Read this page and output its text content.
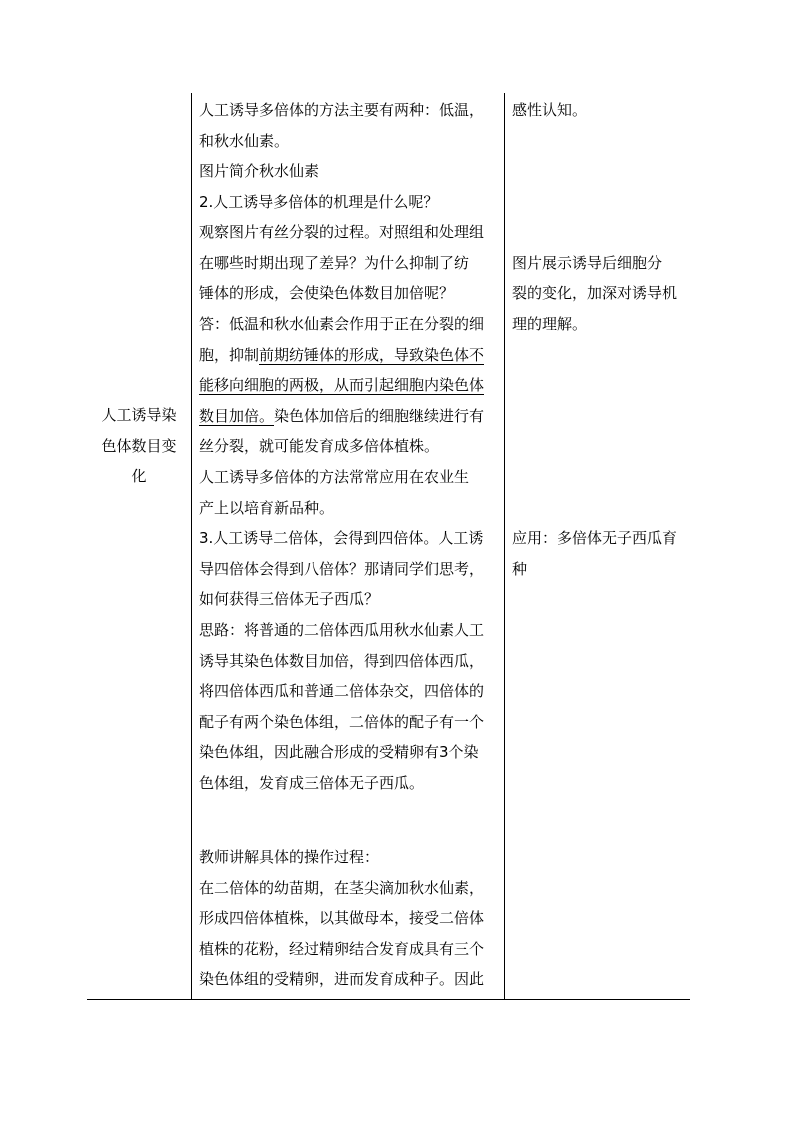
人工诱导染
色体数目变
化
人工诱导多倍体的方法主要有两种：低温，
和秋水仙素。
图片简介秋水仙素
2.人工诱导多倍体的机理是什么呢？
观察图片有丝分裂的过程。对照组和处理组
在哪些时期出现了差异？为什么抑制了纺
锤体的形成，会使染色体数目加倍呢？
答：低温和秋水仙素会作用于正在分裂的细
胞，抑制前期纺锤体的形成，导致染色体不
能移向细胞的两极，从而引起细胞内染色体
数目加倍。染色体加倍后的细胞继续进行有
丝分裂，就可能发育成多倍体植株。
人工诱导多倍体的方法常常应用在农业生
产上以培育新品种。
3.人工诱导二倍体，会得到四倍体。人工诱
导四倍体会得到八倍体？那请同学们思考，
如何获得三倍体无子西瓜？
思路：将普通的二倍体西瓜用秋水仙素人工
诱导其染色体数目加倍，得到四倍体西瓜，
将四倍体西瓜和普通二倍体杂交，四倍体的
配子有两个染色体组，二倍体的配子有一个
染色体组，因此融合形成的受精卵有3个染
色体组，发育成三倍体无子西瓜。
教师讲解具体的操作过程：
在二倍体的幼苗期，在茎尖滴加秋水仙素，
形成四倍体植株，以其做母本，接受二倍体
植株的花粉，经过精卵结合发育成具有三个
染色体组的受精卵，进而发育成种子。因此
感性认知。
图片展示诱导后细胞分
裂的变化，加深对诱导机
理的理解。
应用：多倍体无子西瓜育
种
